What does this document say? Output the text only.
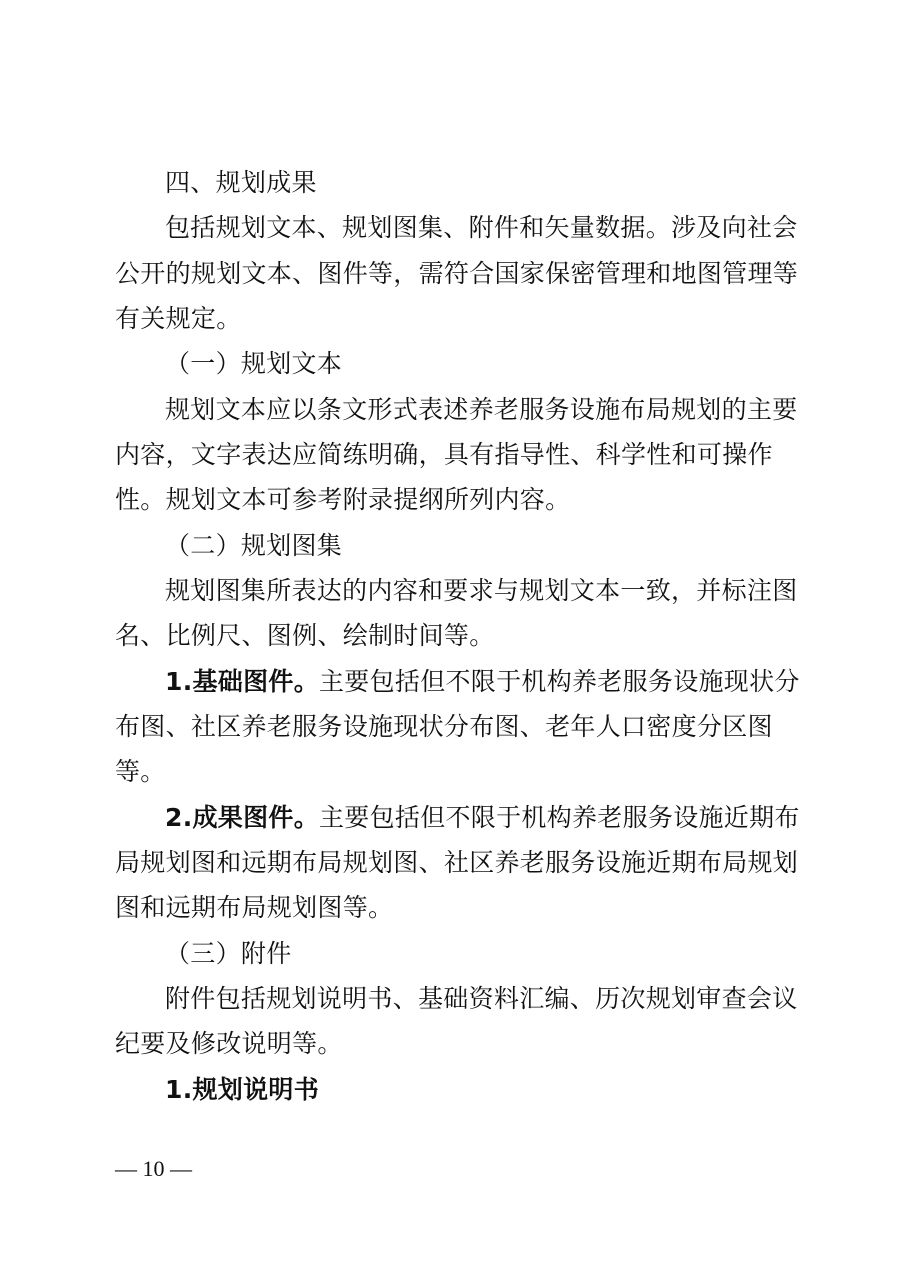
四、规划成果
包括规划文本、规划图集、附件和矢量数据。涉及向社会
公开的规划文本、图件等，需符合国家保密管理和地图管理等
有关规定。
（一）规划文本
规划文本应以条文形式表述养老服务设施布局规划的主要
内容，文字表达应简练明确，具有指导性、科学性和可操作
性。规划文本可参考附录提纲所列内容。
（二）规划图集
规划图集所表达的内容和要求与规划文本一致，并标注图
名、比例尺、图例、绘制时间等。
1.基础图件。主要包括但不限于机构养老服务设施现状分
布图、社区养老服务设施现状分布图、老年人口密度分区图
等。
2.成果图件。主要包括但不限于机构养老服务设施近期布
局规划图和远期布局规划图、社区养老服务设施近期布局规划
图和远期布局规划图等。
（三）附件
附件包括规划说明书、基础资料汇编、历次规划审查会议
纪要及修改说明等。
1.规划说明书
— 10 —
